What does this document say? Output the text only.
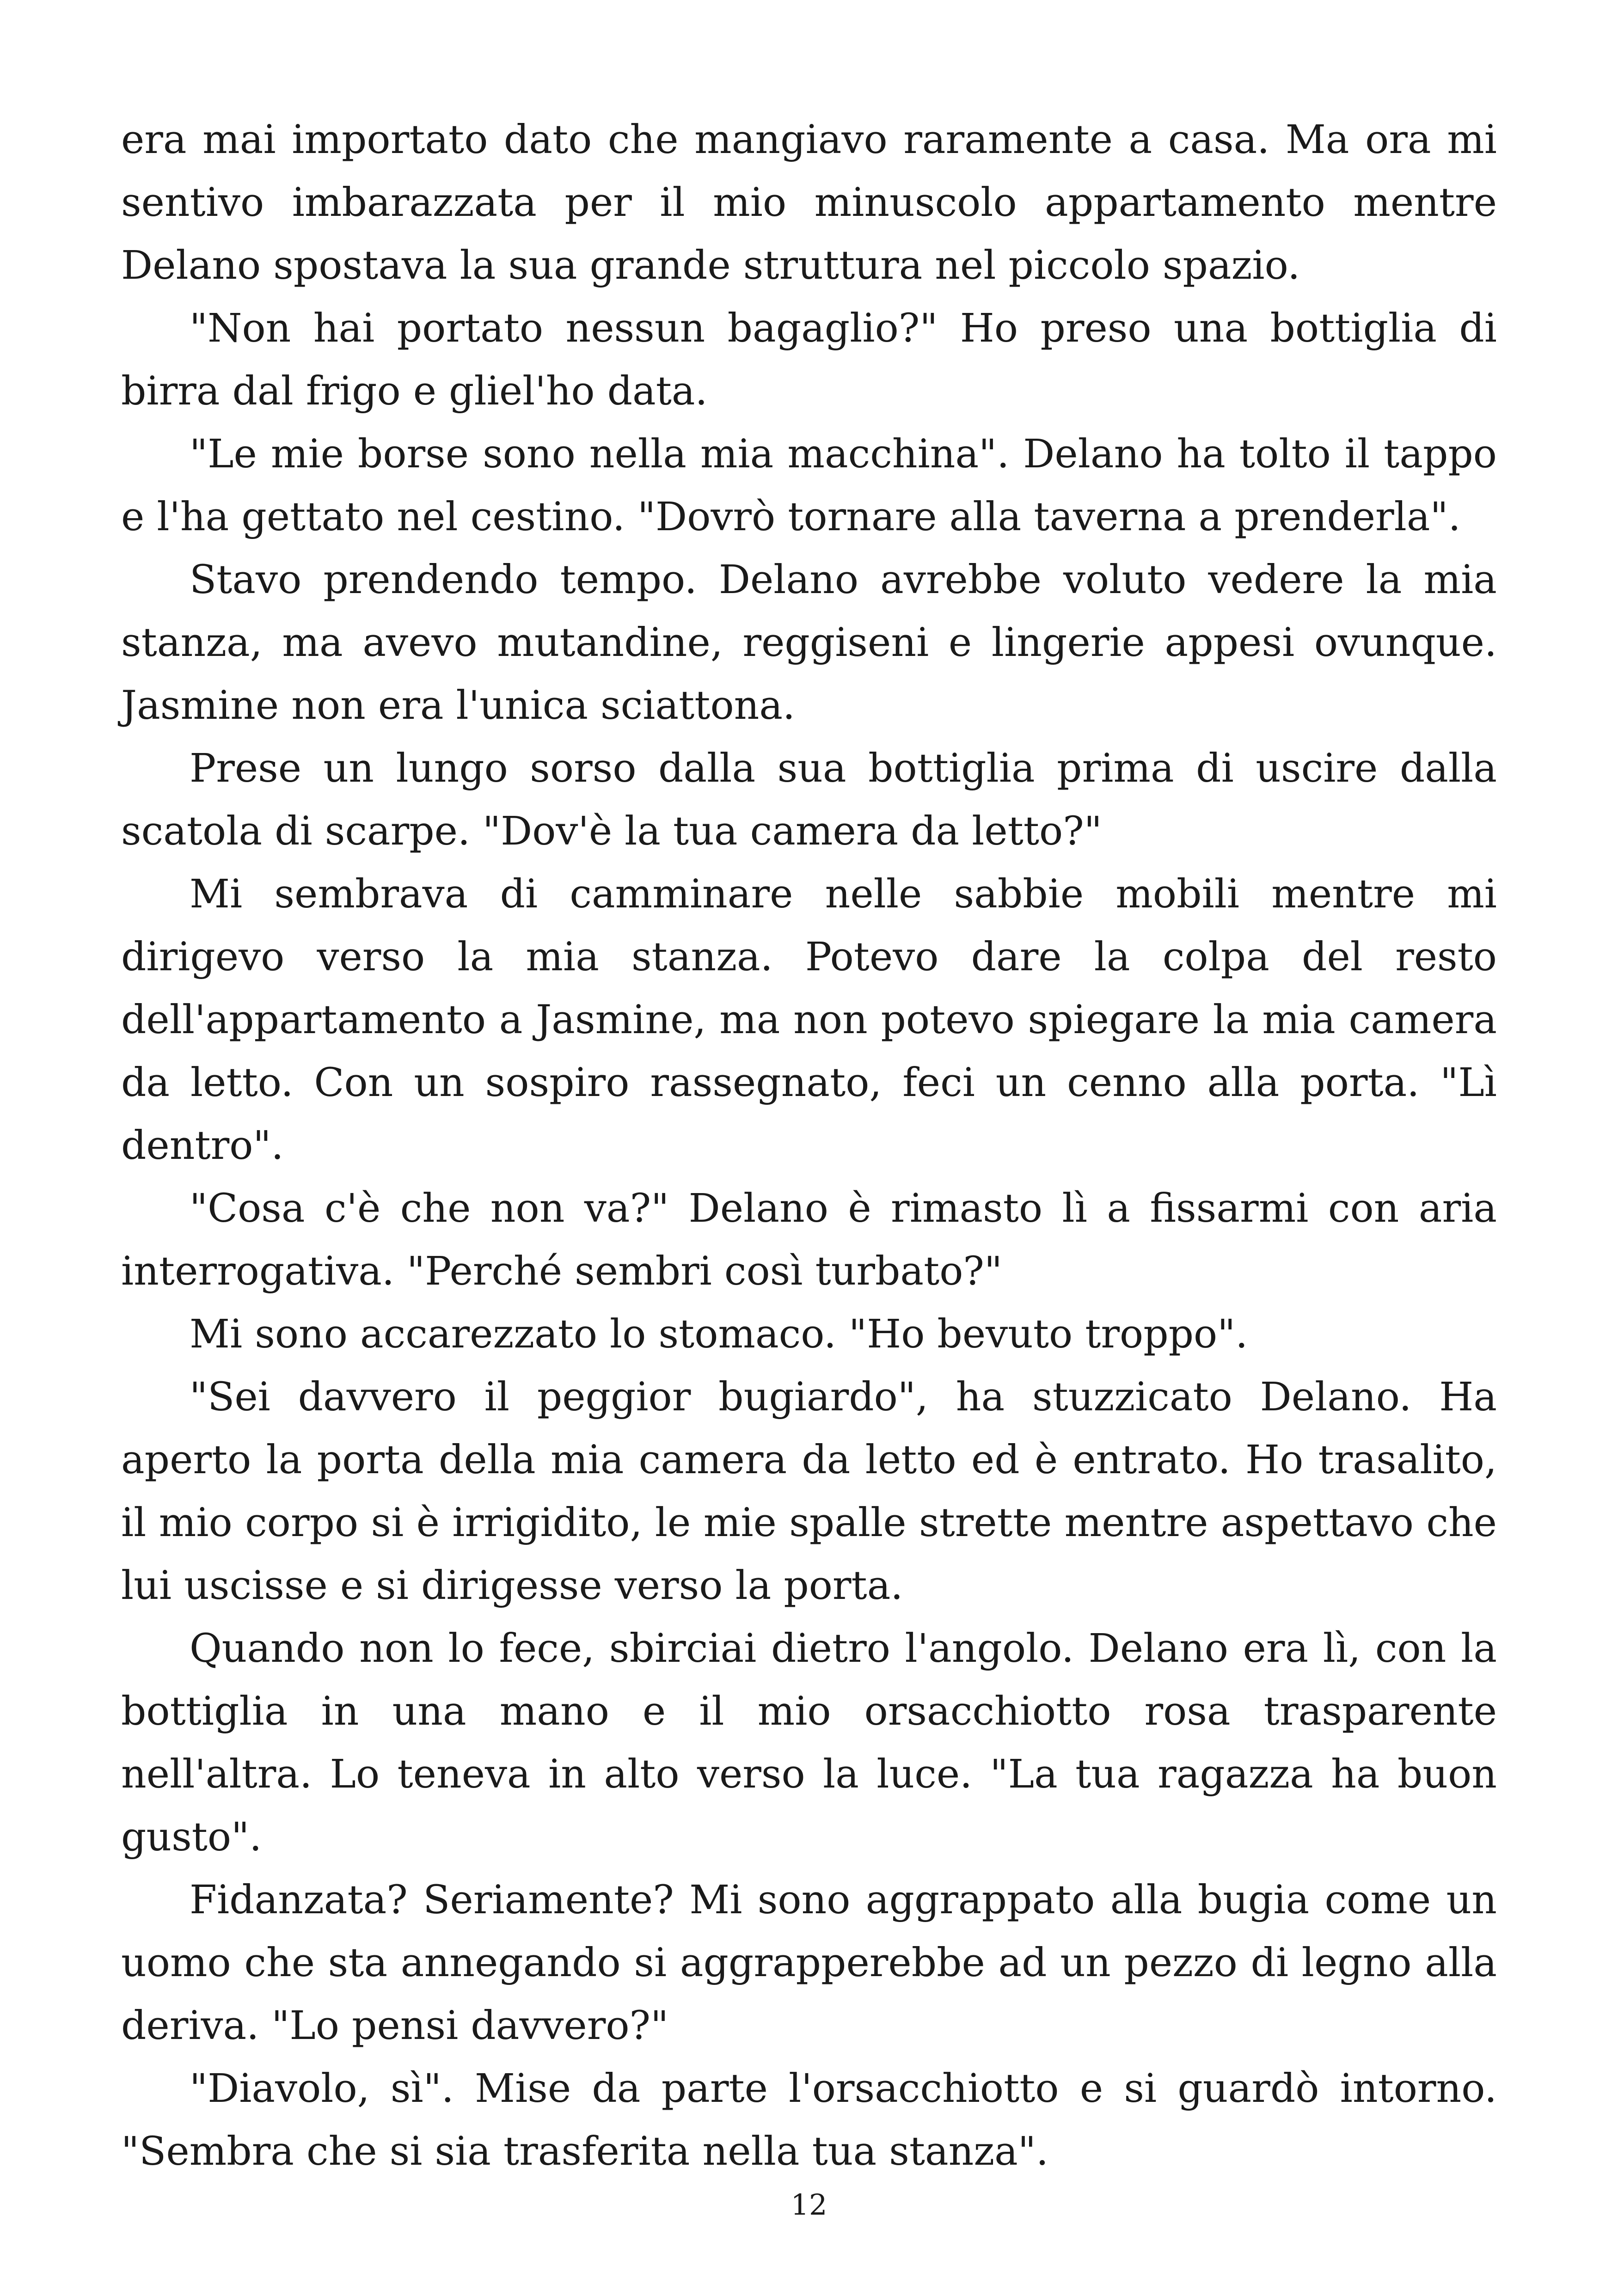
era mai importato dato che mangiavo raramente a casa. Ma ora mi sentivo imbarazzata per il mio minuscolo appartamento mentre Delano spostava la sua grande struttura nel piccolo spazio.

"Non hai portato nessun bagaglio?" Ho preso una bottiglia di birra dal frigo e gliel'ho data.

"Le mie borse sono nella mia macchina". Delano ha tolto il tappo e l'ha gettato nel cestino. "Dovrò tornare alla taverna a prenderla".

Stavo prendendo tempo. Delano avrebbe voluto vedere la mia stanza, ma avevo mutandine, reggiseni e lingerie appesi ovunque. Jasmine non era l'unica sciattona.

Prese un lungo sorso dalla sua bottiglia prima di uscire dalla scatola di scarpe. "Dov'è la tua camera da letto?"

Mi sembrava di camminare nelle sabbie mobili mentre mi dirigevo verso la mia stanza. Potevo dare la colpa del resto dell'appartamento a Jasmine, ma non potevo spiegare la mia camera da letto. Con un sospiro rassegnato, feci un cenno alla porta. "Lì dentro".

"Cosa c'è che non va?" Delano è rimasto lì a fissarmi con aria interrogativa. "Perché sembri così turbato?"

Mi sono accarezzato lo stomaco. "Ho bevuto troppo".

"Sei davvero il peggior bugiardo", ha stuzzicato Delano. Ha aperto la porta della mia camera da letto ed è entrato. Ho trasalito, il mio corpo si è irrigidito, le mie spalle strette mentre aspettavo che lui uscisse e si dirigesse verso la porta.

Quando non lo fece, sbirciai dietro l'angolo. Delano era lì, con la bottiglia in una mano e il mio orsacchiotto rosa trasparente nell'altra. Lo teneva in alto verso la luce. "La tua ragazza ha buon gusto".

Fidanzata? Seriamente? Mi sono aggrappato alla bugia come un uomo che sta annegando si aggrapperebbe ad un pezzo di legno alla deriva. "Lo pensi davvero?"

"Diavolo, sì". Mise da parte l'orsacchiotto e si guardò intorno. "Sembra che si sia trasferita nella tua stanza".

12
